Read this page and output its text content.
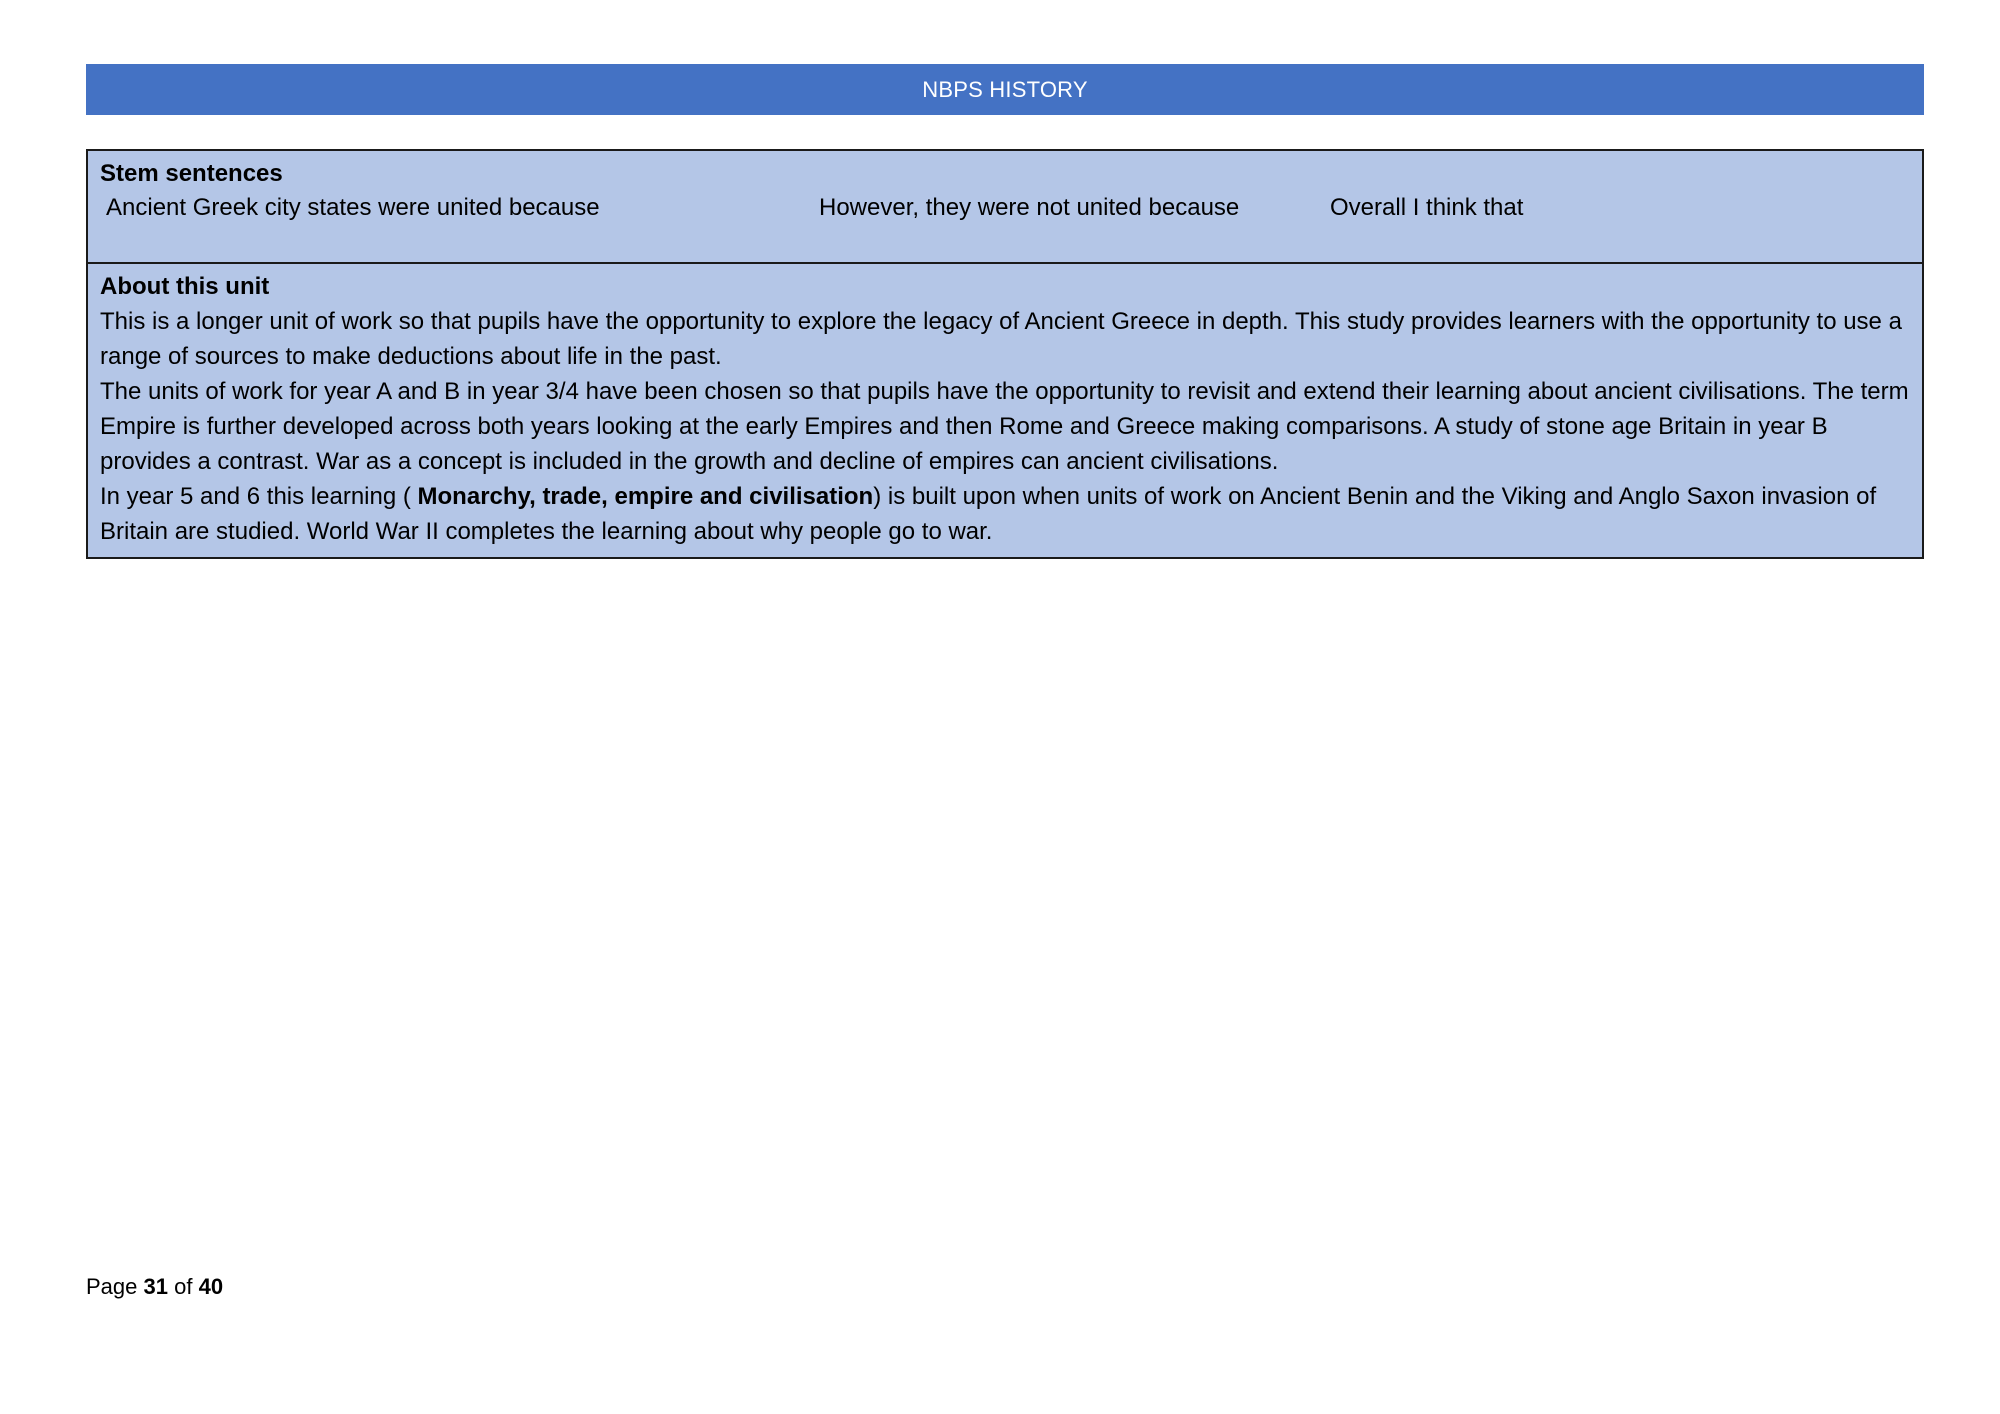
NBPS HISTORY
Stem sentences
Ancient Greek city states were united because	However, they were not united because	Overall I think that
About this unit

This is a longer unit of work so that pupils have the opportunity to explore the legacy of Ancient Greece in depth. This study provides learners with the opportunity to use a range of sources to make deductions about life in the past.

The units of work for year A and B in year 3/4 have been chosen so that pupils have the opportunity to revisit and extend their learning about ancient civilisations. The term Empire is further developed across both years looking at the early Empires and then Rome and Greece making comparisons. A study of stone age Britain in year B provides a contrast. War as a concept is included in the growth and decline of empires can ancient civilisations.

In year 5 and 6 this learning ( Monarchy, trade, empire and civilisation) is built upon when units of work on Ancient Benin and the Viking and Anglo Saxon invasion of Britain are studied. World War II completes the learning about why people go to war.

Page 31 of 40
